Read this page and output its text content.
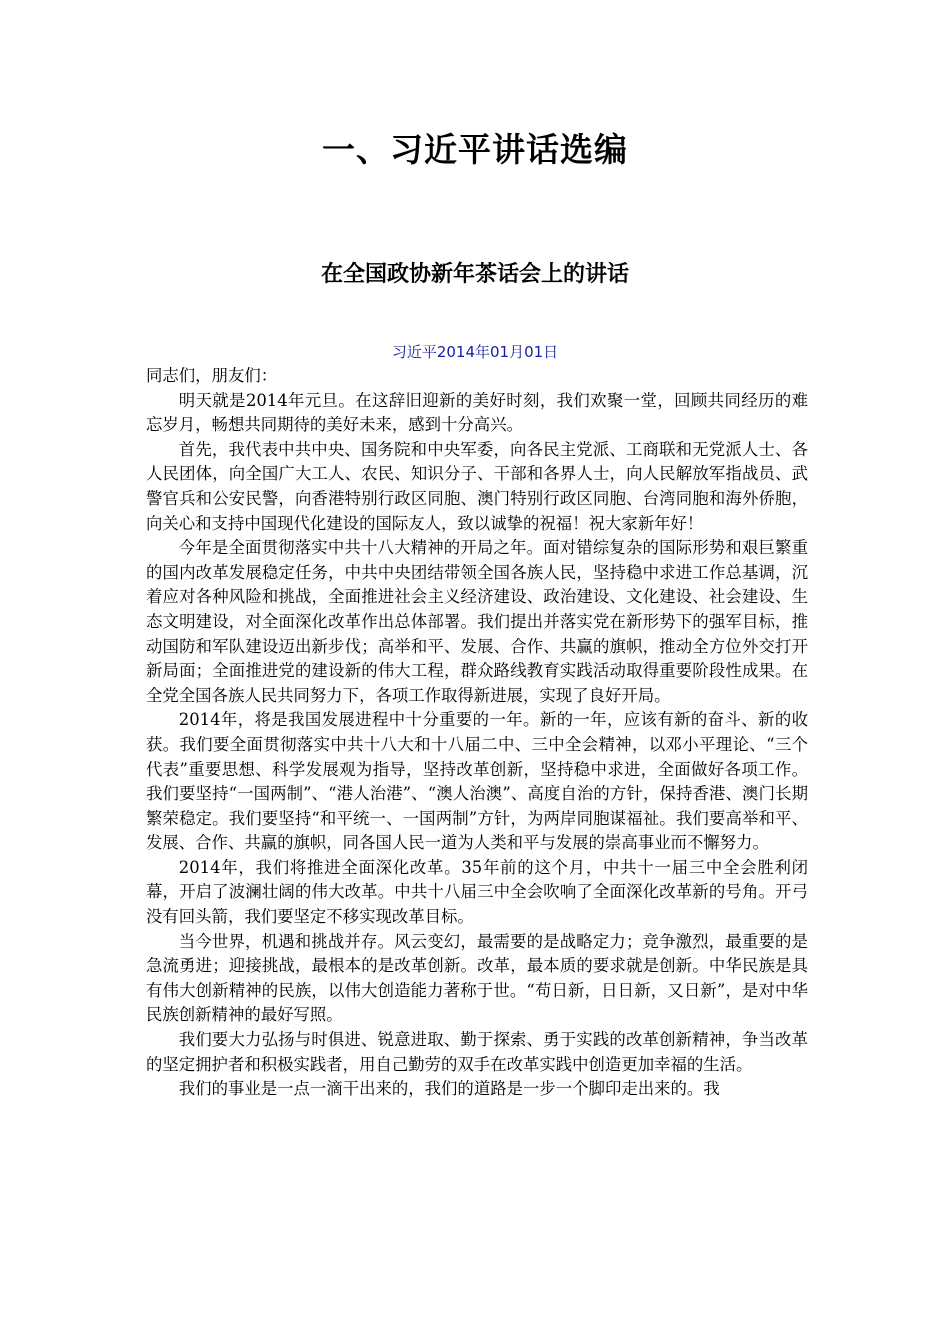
一、习近平讲话选编
在全国政协新年茶话会上的讲话
习近平2014年01月01日

同志们，朋友们：

明天就是2014年元旦。在这辞旧迎新的美好时刻，我们欢聚一堂，回顾共同经历的难忘岁月，畅想共同期待的美好未来，感到十分高兴。

首先，我代表中共中央、国务院和中央军委，向各民主党派、工商联和无党派人士、各人民团体，向全国广大工人、农民、知识分子、干部和各界人士，向人民解放军指战员、武警官兵和公安民警，向香港特别行政区同胞、澳门特别行政区同胞、台湾同胞和海外侨胞，向关心和支持中国现代化建设的国际友人，致以诚挚的祝福！祝大家新年好！

今年是全面贯彻落实中共十八大精神的开局之年。面对错综复杂的国际形势和艰巨繁重的国内改革发展稳定任务，中共中央团结带领全国各族人民，坚持稳中求进工作总基调，沉着应对各种风险和挑战，全面推进社会主义经济建设、政治建设、文化建设、社会建设、生态文明建设，对全面深化改革作出总体部署。我们提出并落实党在新形势下的强军目标，推动国防和军队建设迈出新步伐；高举和平、发展、合作、共赢的旗帜，推动全方位外交打开新局面；全面推进党的建设新的伟大工程，群众路线教育实践活动取得重要阶段性成果。在全党全国各族人民共同努力下，各项工作取得新进展，实现了良好开局。

2014年，将是我国发展进程中十分重要的一年。新的一年，应该有新的奋斗、新的收获。我们要全面贯彻落实中共十八大和十八届二中、三中全会精神，以邓小平理论、“三个代表”重要思想、科学发展观为指导，坚持改革创新，坚持稳中求进，全面做好各项工作。我们要坚持“一国两制”、“港人治港”、“澳人治澳”、高度自治的方针，保持香港、澳门长期繁荣稳定。我们要坚持“和平统一、一国两制”方针，为两岸同胞谋福祉。我们要高举和平、发展、合作、共赢的旗帜，同各国人民一道为人类和平与发展的崇高事业而不懈努力。

2014年，我们将推进全面深化改革。35年前的这个月，中共十一届三中全会胜利闭幕，开启了波澜壮阔的伟大改革。中共十八届三中全会吹响了全面深化改革新的号角。开弓没有回头箭，我们要坚定不移实现改革目标。

当今世界，机遇和挑战并存。风云变幻，最需要的是战略定力；竞争激烈，最重要的是急流勇进；迎接挑战，最根本的是改革创新。改革，最本质的要求就是创新。中华民族是具有伟大创新精神的民族，以伟大创造能力著称于世。“苟日新，日日新，又日新”，是对中华民族创新精神的最好写照。

我们要大力弘扬与时俱进、锐意进取、勤于探索、勇于实践的改革创新精神，争当改革的坚定拥护者和积极实践者，用自己勤劳的双手在改革实践中创造更加幸福的生活。

我们的事业是一点一滴干出来的，我们的道路是一步一个脚印走出来的。我
